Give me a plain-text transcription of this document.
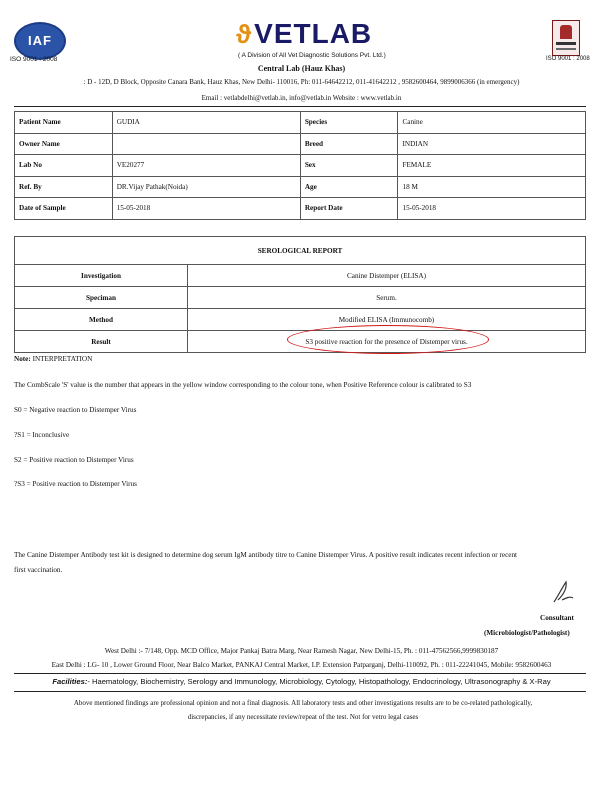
IAF
ISO 9001 : 2008
ϑVETLAB
( A Division of All Vet Diagnostic Solutions Pvt. Ltd.)	ISO 9001 : 2008
Central Lab (Hauz Khas)
: D - 12D, D Block, Opposite Canara Bank, Hauz Khas, New Delhi- 110016, Ph: 011-64642212, 011-41642212 , 9582600464, 9899006366 (in emergency)
Email : vetlabdelhi@vetlab.in, info@vetlab.in Website : www.vetlab.in
Patient Name	GUDIA	Species	Canine
Owner Name		Breed	INDIAN
Lab No	VE20277	Sex	FEMALE
Ref. By	DR.Vijay Pathak(Noida)	Age	18 M
Date of Sample	15-05-2018	Report Date	15-05-2018
SEROLOGICAL REPORT	
Investigation	Canine Distemper (ELISA)
Speciman	Serum.
Method	Modified ELISA (Immunocomb)
Result	S3 positive reaction for the presence of Distemper virus.
Note: INTERPRETATION
The CombScale 'S' value is the number that appears in the yellow window corresponding to the colour tone, when Positive Reference colour is calibrated to S3
S0 = Negative reaction to Distemper Virus
?S1 = Inconclusive
S2 = Positive reaction to Distemper Virus
?S3 = Positive reaction to Distemper Virus
The Canine Distemper Antibody test kit is designed to determine dog serum IgM antibody titre to Canine Distemper Virus. A positive result indicates recent infection or recent
first vaccination.
Consultant
(Microbiologist/Pathologist)
West Delhi :- 7/148, Opp. MCD Office, Major Pankaj Batra Marg, Near Ramesh Nagar, New Delhi-15, Ph. : 011-47562566,9999830187
East Delhi : LG- 10 , Lower Ground Floor, Near Balco Market, PANKAJ Central Market, I.P. Extension Patparganj, Delhi-110092, Ph. : 011-22241045, Mobile: 9582600463
Facilities:- Haematology, Biochemistry, Serology and Immunology, Microbiology, Cytology, Histopathology, Endocrinology, Ultrasonography & X-Ray
Above mentioned findings are professional opinion and not a final diagnosis. All laboratory tests and other investigations results are to be co-related pathologically,
discrepancies, if any necessitate review/repeat of the test. Not for vetro legal cases
